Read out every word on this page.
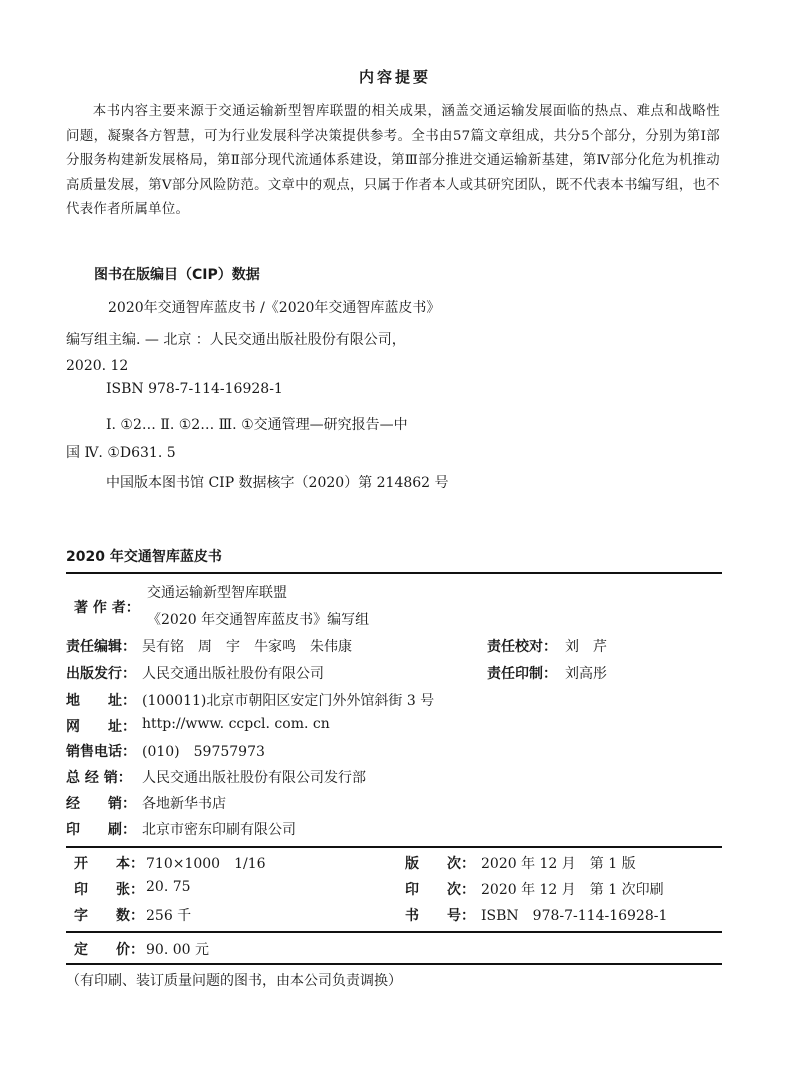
内容提要
本书内容主要来源于交通运输新型智库联盟的相关成果，涵盖交通运输发展面临的热点、难点和战略性问题，凝聚各方智慧，可为行业发展科学决策提供参考。全书由57篇文章组成，共分5个部分，分别为第Ⅰ部分服务构建新发展格局，第Ⅱ部分现代流通体系建设，第Ⅲ部分推进交通运输新基建，第Ⅳ部分化危为机推动高质量发展，第Ⅴ部分风险防范。文章中的观点，只属于作者本人或其研究团队，既不代表本书编写组，也不代表作者所属单位。
图书在版编目（CIP）数据
2020年交通智库蓝皮书 /《2020年交通智库蓝皮书》
编写组主编. — 北京 ：人民交通出版社股份有限公司，
2020. 12
ISBN 978-7-114-16928-1
Ⅰ. ①2… Ⅱ. ①2… Ⅲ. ①交通管理—研究报告—中
国 Ⅳ. ①D631. 5
中国版本图书馆 CIP 数据核字（2020）第 214862 号
2020 年交通智库蓝皮书
著 作 者：
交通运输新型智库联盟
《2020 年交通智库蓝皮书》编写组
责任编辑： 吴有铭　周　宇　牛家鸣　朱伟康	责任校对： 刘　芹
出版发行： 人民交通出版社股份有限公司	责任印制： 刘高彤
地　　址： (100011)北京市朝阳区安定门外外馆斜街 3 号
网　　址： http://www. ccpcl. com. cn
销售电话： (010)　59757973
总 经 销： 人民交通出版社股份有限公司发行部
经　　销： 各地新华书店
印　　刷： 北京市密东印刷有限公司
开　　本： 710×1000　1/16	版　　次： 2020 年 12 月　第 1 版
印　　张： 20. 75	印　　次： 2020 年 12 月　第 1 次印刷
字　　数： 256 千	书　　号： ISBN　978-7-114-16928-1
定　　价： 90. 00 元
（有印刷、装订质量问题的图书，由本公司负责调换）
